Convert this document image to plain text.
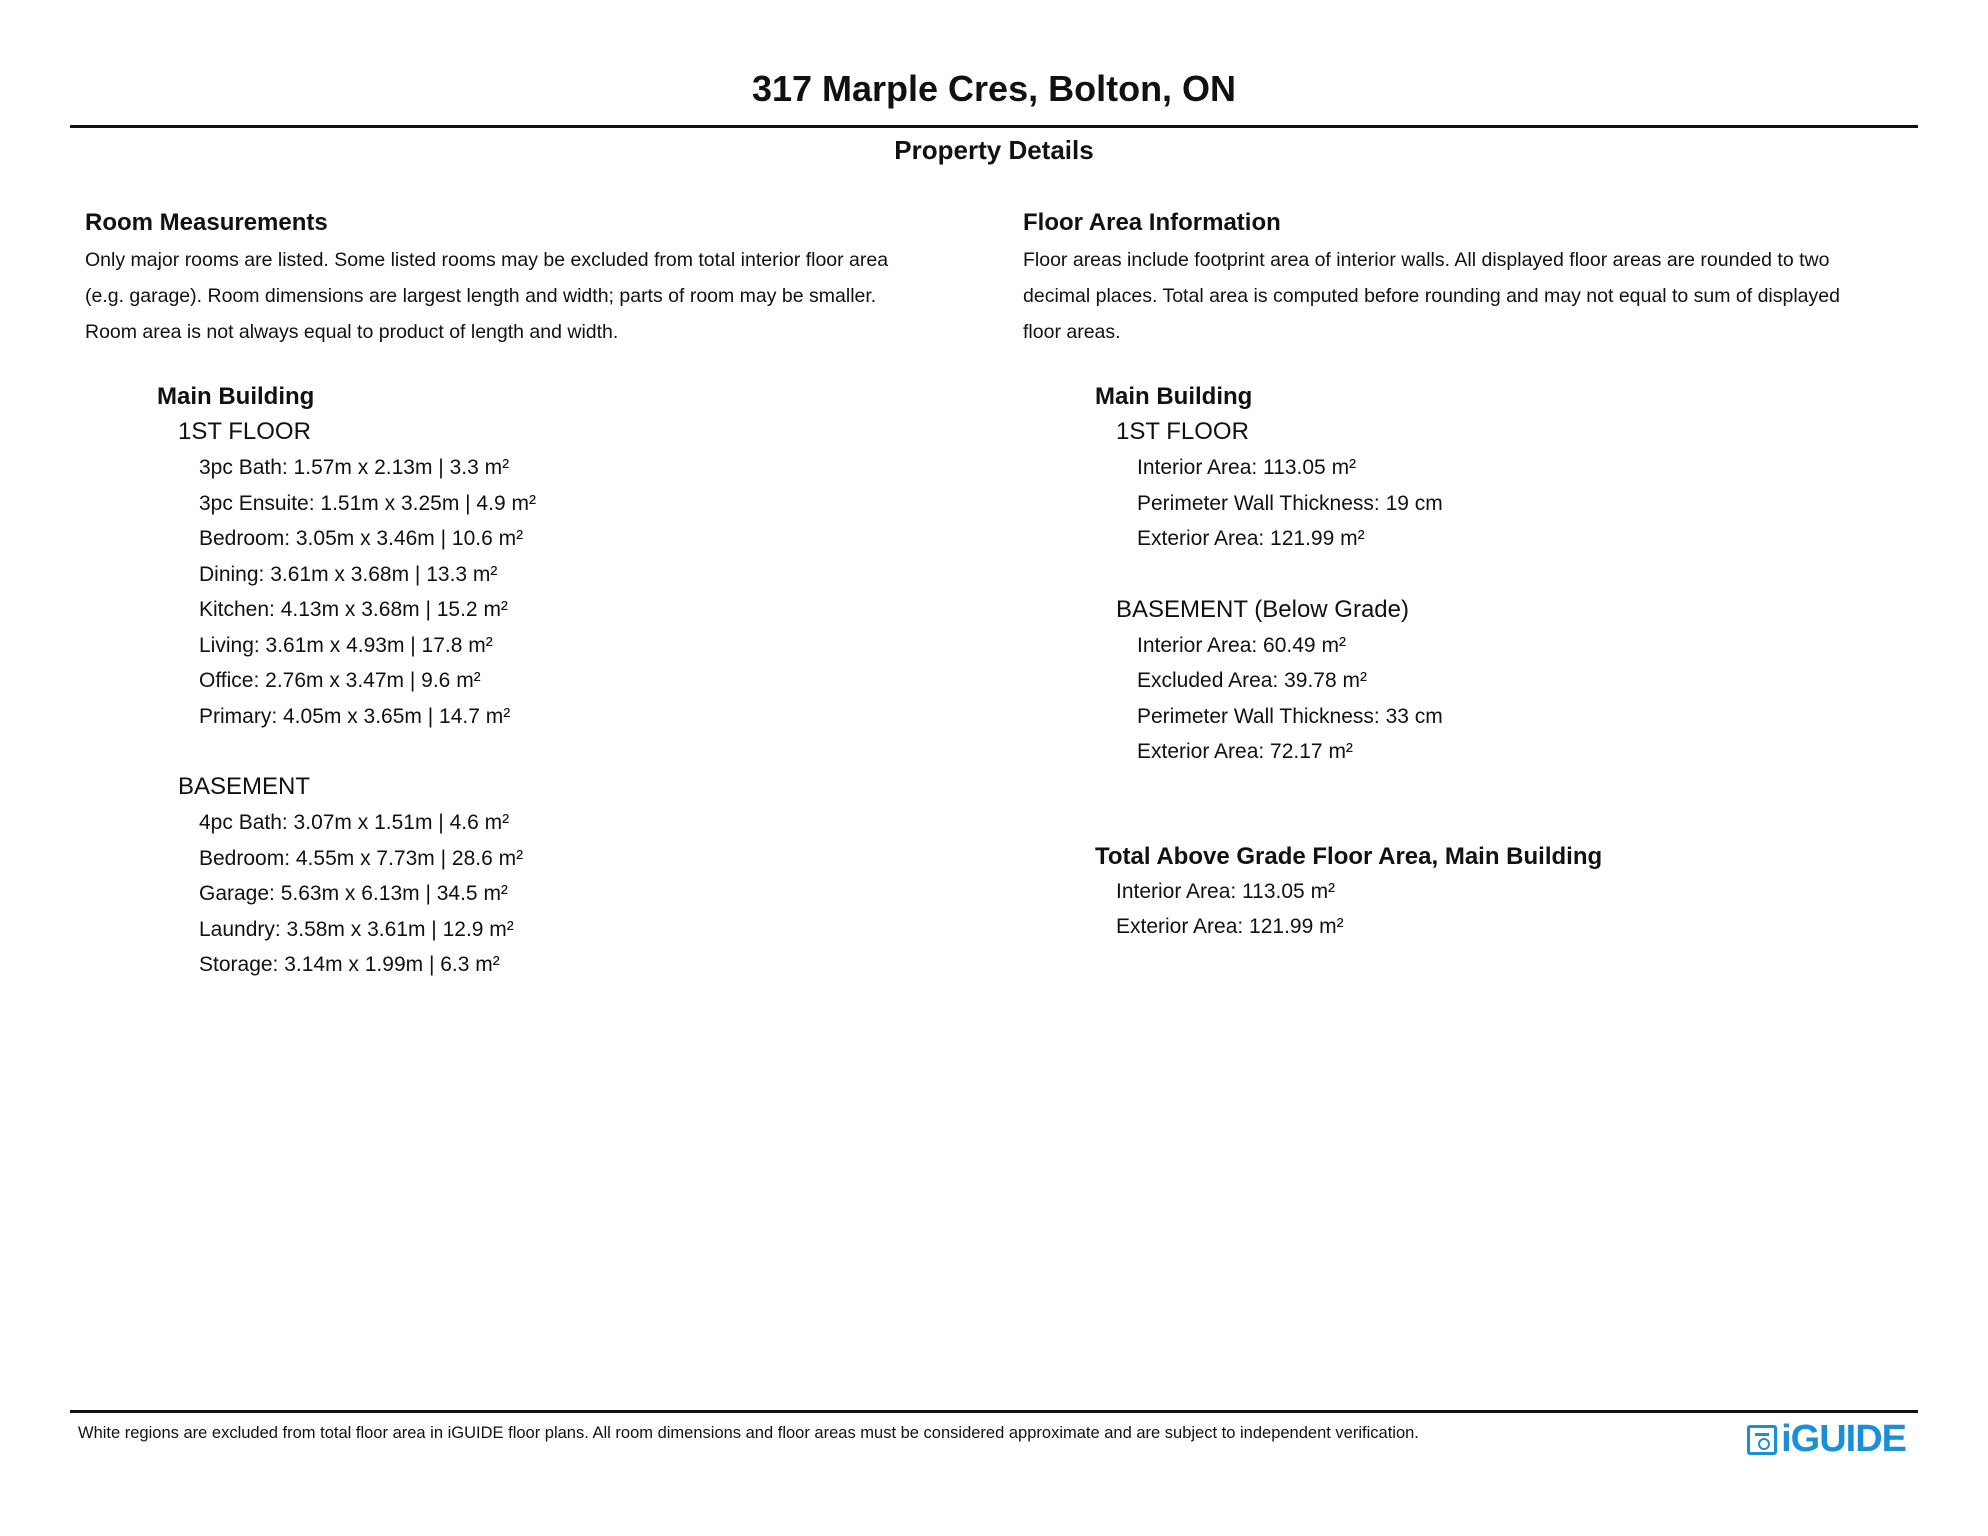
317 Marple Cres, Bolton, ON
Property Details
Room Measurements
Only major rooms are listed. Some listed rooms may be excluded from total interior floor area
(e.g. garage). Room dimensions are largest length and width; parts of room may be smaller.
Room area is not always equal to product of length and width.
Main Building
1ST FLOOR
3pc Bath: 1.57m x 2.13m | 3.3 m²
3pc Ensuite: 1.51m x 3.25m | 4.9 m²
Bedroom: 3.05m x 3.46m | 10.6 m²
Dining: 3.61m x 3.68m | 13.3 m²
Kitchen: 4.13m x 3.68m | 15.2 m²
Living: 3.61m x 4.93m | 17.8 m²
Office: 2.76m x 3.47m | 9.6 m²
Primary: 4.05m x 3.65m | 14.7 m²
BASEMENT
4pc Bath: 3.07m x 1.51m | 4.6 m²
Bedroom: 4.55m x 7.73m | 28.6 m²
Garage: 5.63m x 6.13m | 34.5 m²
Laundry: 3.58m x 3.61m | 12.9 m²
Storage: 3.14m x 1.99m | 6.3 m²
Floor Area Information
Floor areas include footprint area of interior walls. All displayed floor areas are rounded to two
decimal places. Total area is computed before rounding and may not equal to sum of displayed
floor areas.
Main Building
1ST FLOOR
Interior Area: 113.05 m²
Perimeter Wall Thickness: 19 cm
Exterior Area: 121.99 m²
BASEMENT (Below Grade)
Interior Area: 60.49 m²
Excluded Area: 39.78 m²
Perimeter Wall Thickness: 33 cm
Exterior Area: 72.17 m²
Total Above Grade Floor Area, Main Building
Interior Area: 113.05 m²
Exterior Area: 121.99 m²
White regions are excluded from total floor area in iGUIDE floor plans. All room dimensions and floor areas must be considered approximate and are subject to independent verification.	iGUIDE
